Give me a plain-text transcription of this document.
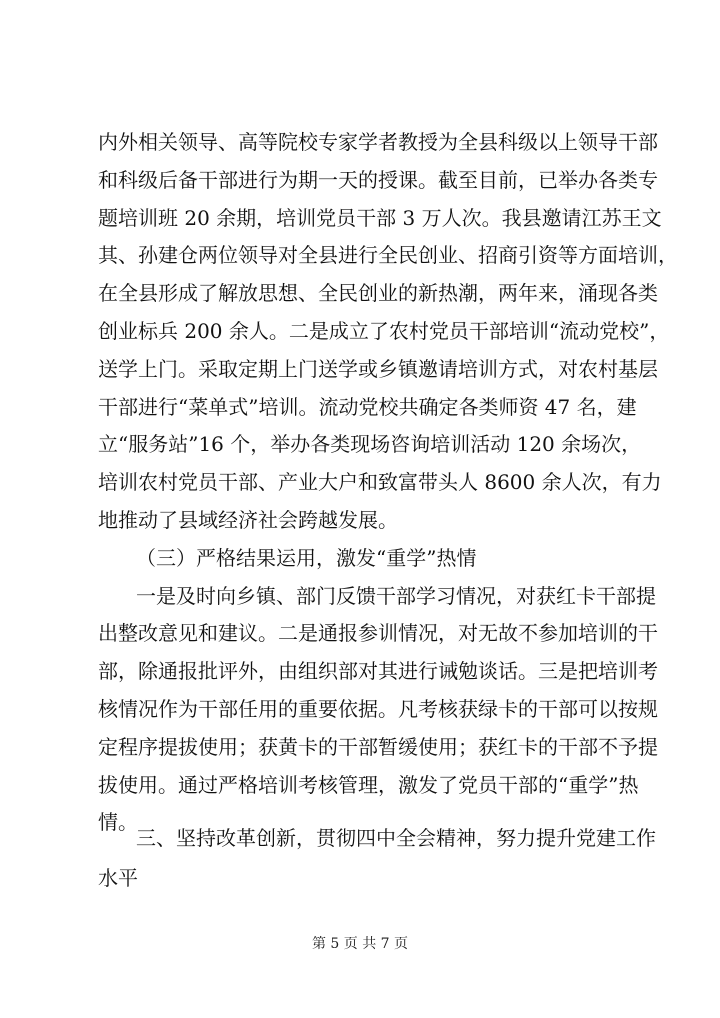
内外相关领导、高等院校专家学者教授为全县科级以上领导干部

和科级后备干部进行为期一天的授课。截至目前，已举办各类专

题培训班 20 余期，培训党员干部 3 万人次。我县邀请江苏王文

其、孙建仓两位领导对全县进行全民创业、招商引资等方面培训，

在全县形成了解放思想、全民创业的新热潮，两年来，涌现各类

创业标兵 200 余人。二是成立了农村党员干部培训“流动党校”，

送学上门。采取定期上门送学或乡镇邀请培训方式，对农村基层

干部进行“菜单式”培训。流动党校共确定各类师资 47 名，建

立“服务站”16 个，举办各类现场咨询培训活动 120 余场次，

培训农村党员干部、产业大户和致富带头人 8600 余人次，有力

地推动了县域经济社会跨越发展。

（三）严格结果运用，激发“重学”热情

一是及时向乡镇、部门反馈干部学习情况，对获红卡干部提

出整改意见和建议。二是通报参训情况，对无故不参加培训的干

部，除通报批评外，由组织部对其进行诫勉谈话。三是把培训考

核情况作为干部任用的重要依据。凡考核获绿卡的干部可以按规

定程序提拔使用；获黄卡的干部暂缓使用；获红卡的干部不予提

拔使用。通过严格培训考核管理，激发了党员干部的“重学”热

情。

三、坚持改革创新，贯彻四中全会精神，努力提升党建工作

水平

第 5 页 共 7 页
